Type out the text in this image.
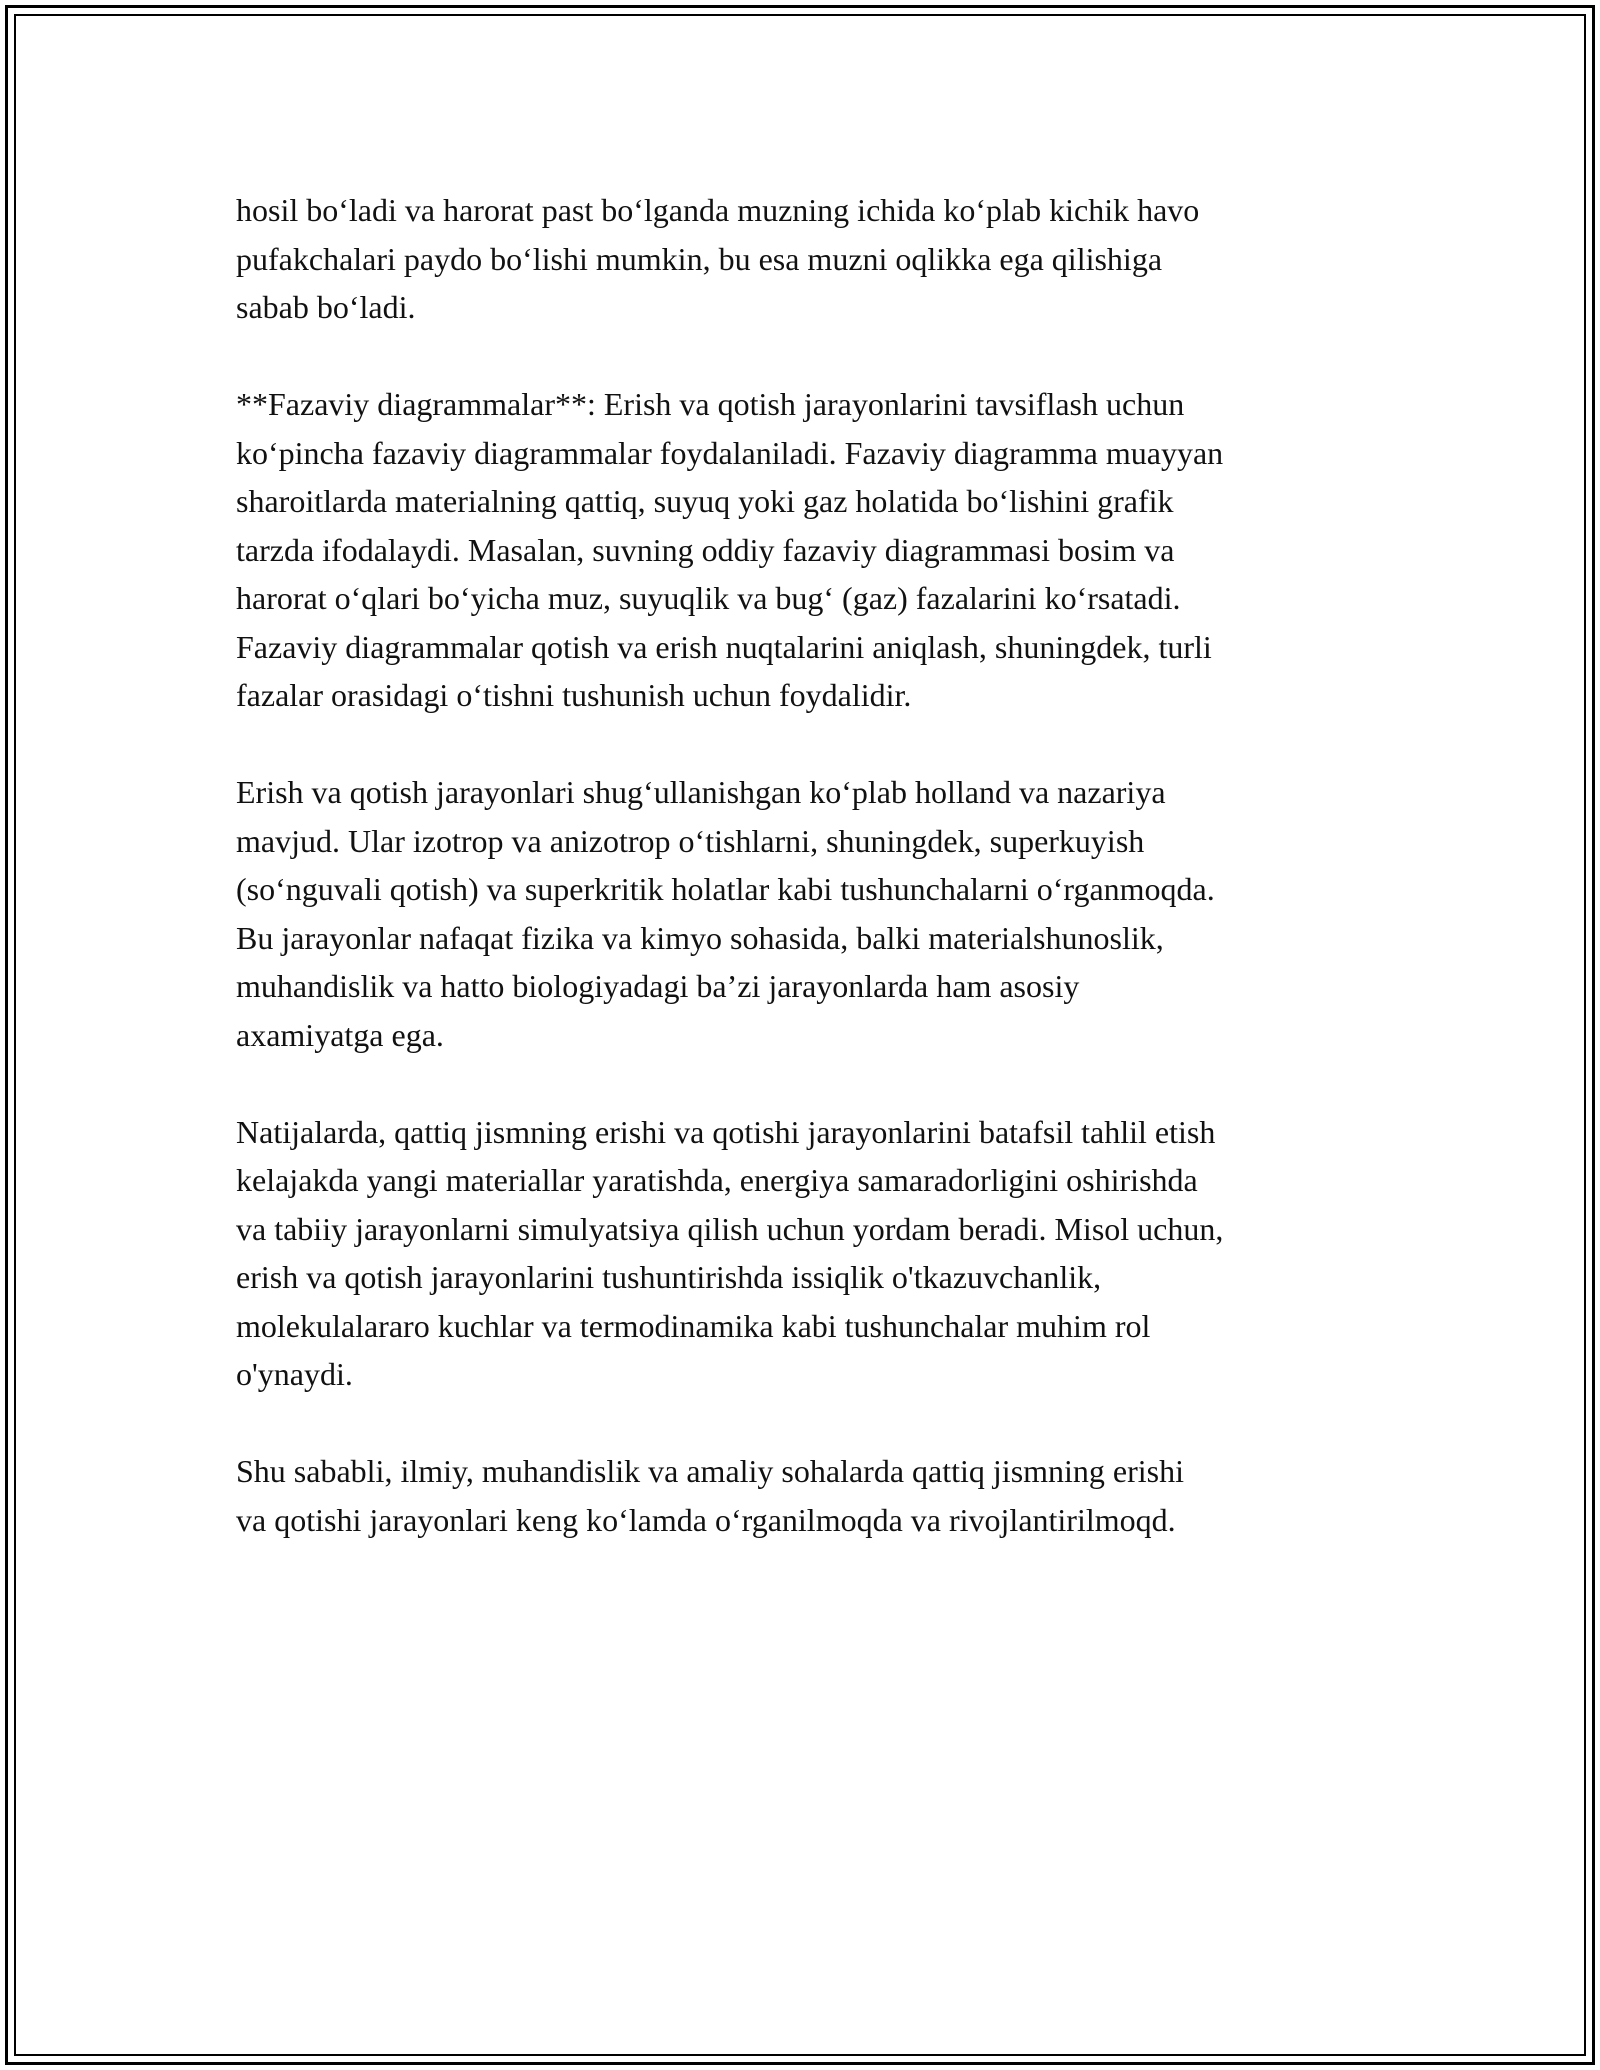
hosil bo‘ladi va harorat past bo‘lganda muzning ichida ko‘plab kichik havo
pufakchalari paydo bo‘lishi mumkin, bu esa muzni oqlikka ega qilishiga
sabab bo‘ladi.

**Fazaviy diagrammalar**: Erish va qotish jarayonlarini tavsiflash uchun
ko‘pincha fazaviy diagrammalar foydalaniladi. Fazaviy diagramma muayyan
sharoitlarda materialning qattiq, suyuq yoki gaz holatida bo‘lishini grafik
tarzda ifodalaydi. Masalan, suvning oddiy fazaviy diagrammasi bosim va
harorat o‘qlari bo‘yicha muz, suyuqlik va bug‘ (gaz) fazalarini ko‘rsatadi.
Fazaviy diagrammalar qotish va erish nuqtalarini aniqlash, shuningdek, turli
fazalar orasidagi o‘tishni tushunish uchun foydalidir.

Erish va qotish jarayonlari shug‘ullanishgan ko‘plab holland va nazariya
mavjud. Ular izotrop va anizotrop o‘tishlarni, shuningdek, superkuyish
(so‘nguvali qotish) va superkritik holatlar kabi tushunchalarni o‘rganmoqda.
Bu jarayonlar nafaqat fizika va kimyo sohasida, balki materialshunoslik,
muhandislik va hatto biologiyadagi ba’zi jarayonlarda ham asosiy
axamiyatga ega.

Natijalarda, qattiq jismning erishi va qotishi jarayonlarini batafsil tahlil etish
kelajakda yangi materiallar yaratishda, energiya samaradorligini oshirishda
va tabiiy jarayonlarni simulyatsiya qilish uchun yordam beradi. Misol uchun,
erish va qotish jarayonlarini tushuntirishda issiqlik o'tkazuvchanlik,
molekulalararo kuchlar va termodinamika kabi tushunchalar muhim rol
o'ynaydi.

Shu sababli, ilmiy, muhandislik va amaliy sohalarda qattiq jismning erishi
va qotishi jarayonlari keng ko‘lamda o‘rganilmoqda va rivojlantirilmoqd.
